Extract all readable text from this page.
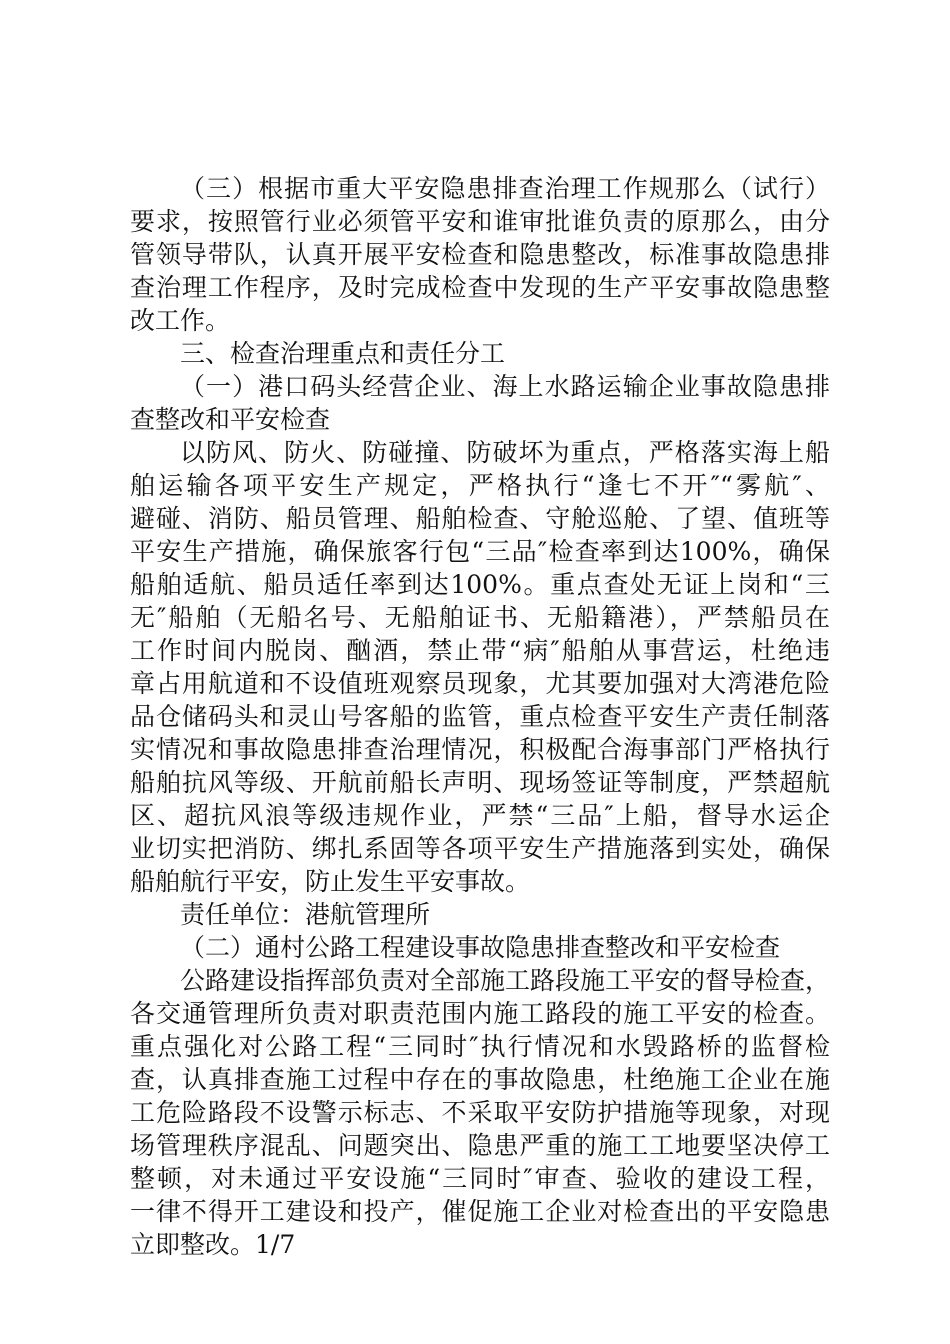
（三）根据市重大平安隐患排查治理工作规那么（试行）
要求，按照管行业必须管平安和谁审批谁负责的原那么，由分
管领导带队，认真开展平安检查和隐患整改，标准事故隐患排
查治理工作程序，及时完成检查中发现的生产平安事故隐患整
改工作。
三、检查治理重点和责任分工
（一）港口码头经营企业、海上水路运输企业事故隐患排
查整改和平安检查
以防风、防火、防碰撞、防破坏为重点，严格落实海上船
舶运输各项平安生产规定，严格执行“逢七不开″“雾航″、
避碰、消防、船员管理、船舶检查、守舱巡舱、了望、值班等
平安生产措施，确保旅客行包“三品″检查率到达100%，确保
船舶适航、船员适任率到达100%。重点查处无证上岗和“三
无″船舶（无船名号、无船舶证书、无船籍港），严禁船员在
工作时间内脱岗、酗酒，禁止带“病″船舶从事营运，杜绝违
章占用航道和不设值班观察员现象，尤其要加强对大湾港危险
品仓储码头和灵山号客船的监管，重点检查平安生产责任制落
实情况和事故隐患排查治理情况，积极配合海事部门严格执行
船舶抗风等级、开航前船长声明、现场签证等制度，严禁超航
区、超抗风浪等级违规作业，严禁“三品″上船，督导水运企
业切实把消防、绑扎系固等各项平安生产措施落到实处，确保
船舶航行平安，防止发生平安事故。
责任单位：港航管理所
（二）通村公路工程建设事故隐患排查整改和平安检查
公路建设指挥部负责对全部施工路段施工平安的督导检查，
各交通管理所负责对职责范围内施工路段的施工平安的检查。
重点强化对公路工程“三同时″执行情况和水毁路桥的监督检
查，认真排查施工过程中存在的事故隐患，杜绝施工企业在施
工危险路段不设警示标志、不采取平安防护措施等现象，对现
场管理秩序混乱、问题突出、隐患严重的施工工地要坚决停工
整顿，对未通过平安设施“三同时″审查、验收的建设工程，
一律不得开工建设和投产，催促施工企业对检查出的平安隐患
立即整改。1/7
